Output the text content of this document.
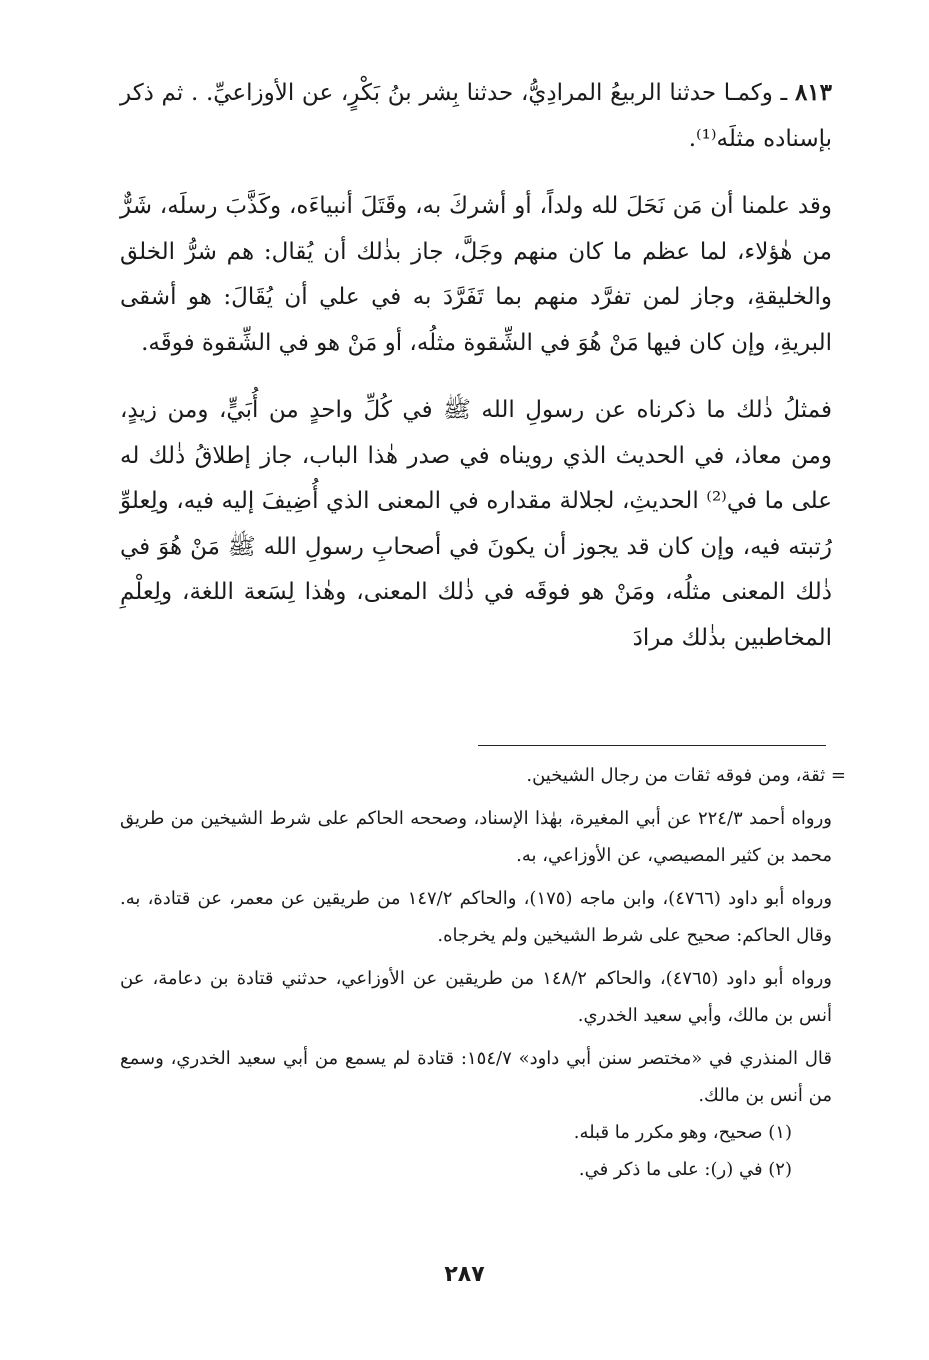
٨١٣ ـ وكمـا حدثنا الربيعُ المرادِيُّ، حدثنا بِشر بنُ بَكْرٍ، عن الأوزاعيِّ. . ثم ذكر بإسناده مثلَه⁽¹⁾.

وقد علمنا أن مَن نَحَلَ لله ولداً، أو أشركَ به، وقَتَلَ أنبياءَه، وكَذَّبَ رسلَه، شَرٌّ من هٰؤلاء، لما عظم ما كان منهم وجَلَّ، جاز بذٰلك أن يُقال: هم شرُّ الخلق والخليقةِ، وجاز لمن تفرَّد منهم بما تَفَرَّدَ به في علي أن يُقَالَ: هو أشقى البريةِ، وإن كان فيها مَنْ هُوَ في الشِّقوة مثلُه، أو مَنْ هو في الشِّقوة فوقَه.

فمثلُ ذٰلك ما ذكرناه عن رسولِ الله ﷺ في كُلِّ واحدٍ من أُبَيٍّ، ومن زيدٍ، ومن معاذ، في الحديث الذي رويناه في صدر هٰذا الباب، جاز إطلاقُ ذٰلك له على ما في⁽²⁾ الحديثِ، لجلالة مقداره في المعنى الذي أُضِيفَ إليه فيه، ولِعلوِّ رُتبته فيه، وإن كان قد يجوز أن يكونَ في أصحابِ رسولِ الله ﷺ مَنْ هُوَ في ذٰلك المعنى مثلُه، ومَنْ هو فوقَه في ذٰلك المعنى، وهٰذا لِسَعة اللغة، ولِعلْمِ المخاطبين بذٰلك مرادَ

= ثقة، ومن فوقه ثقات من رجال الشيخين.

ورواه أحمد ٢٢٤/٣ عن أبي المغيرة، بهٰذا الإسناد، وصححه الحاكم على شرط الشيخين من طريق محمد بن كثير المصيصي، عن الأوزاعي، به.

ورواه أبو داود (٤٧٦٦)، وابن ماجه (١٧٥)، والحاكم ١٤٧/٢ من طريقين عن معمر، عن قتادة، به. وقال الحاكم: صحيح على شرط الشيخين ولم يخرجاه.

ورواه أبو داود (٤٧٦٥)، والحاكم ١٤٨/٢ من طريقين عن الأوزاعي، حدثني قتادة بن دعامة، عن أنس بن مالك، وأبي سعيد الخدري.

قال المنذري في «مختصر سنن أبي داود» ١٥٤/٧: قتادة لم يسمع من أبي سعيد الخدري، وسمع من أنس بن مالك.

(١) صحيح، وهو مكرر ما قبله.

(٢) في (ر): على ما ذكر في.

٢٨٧
